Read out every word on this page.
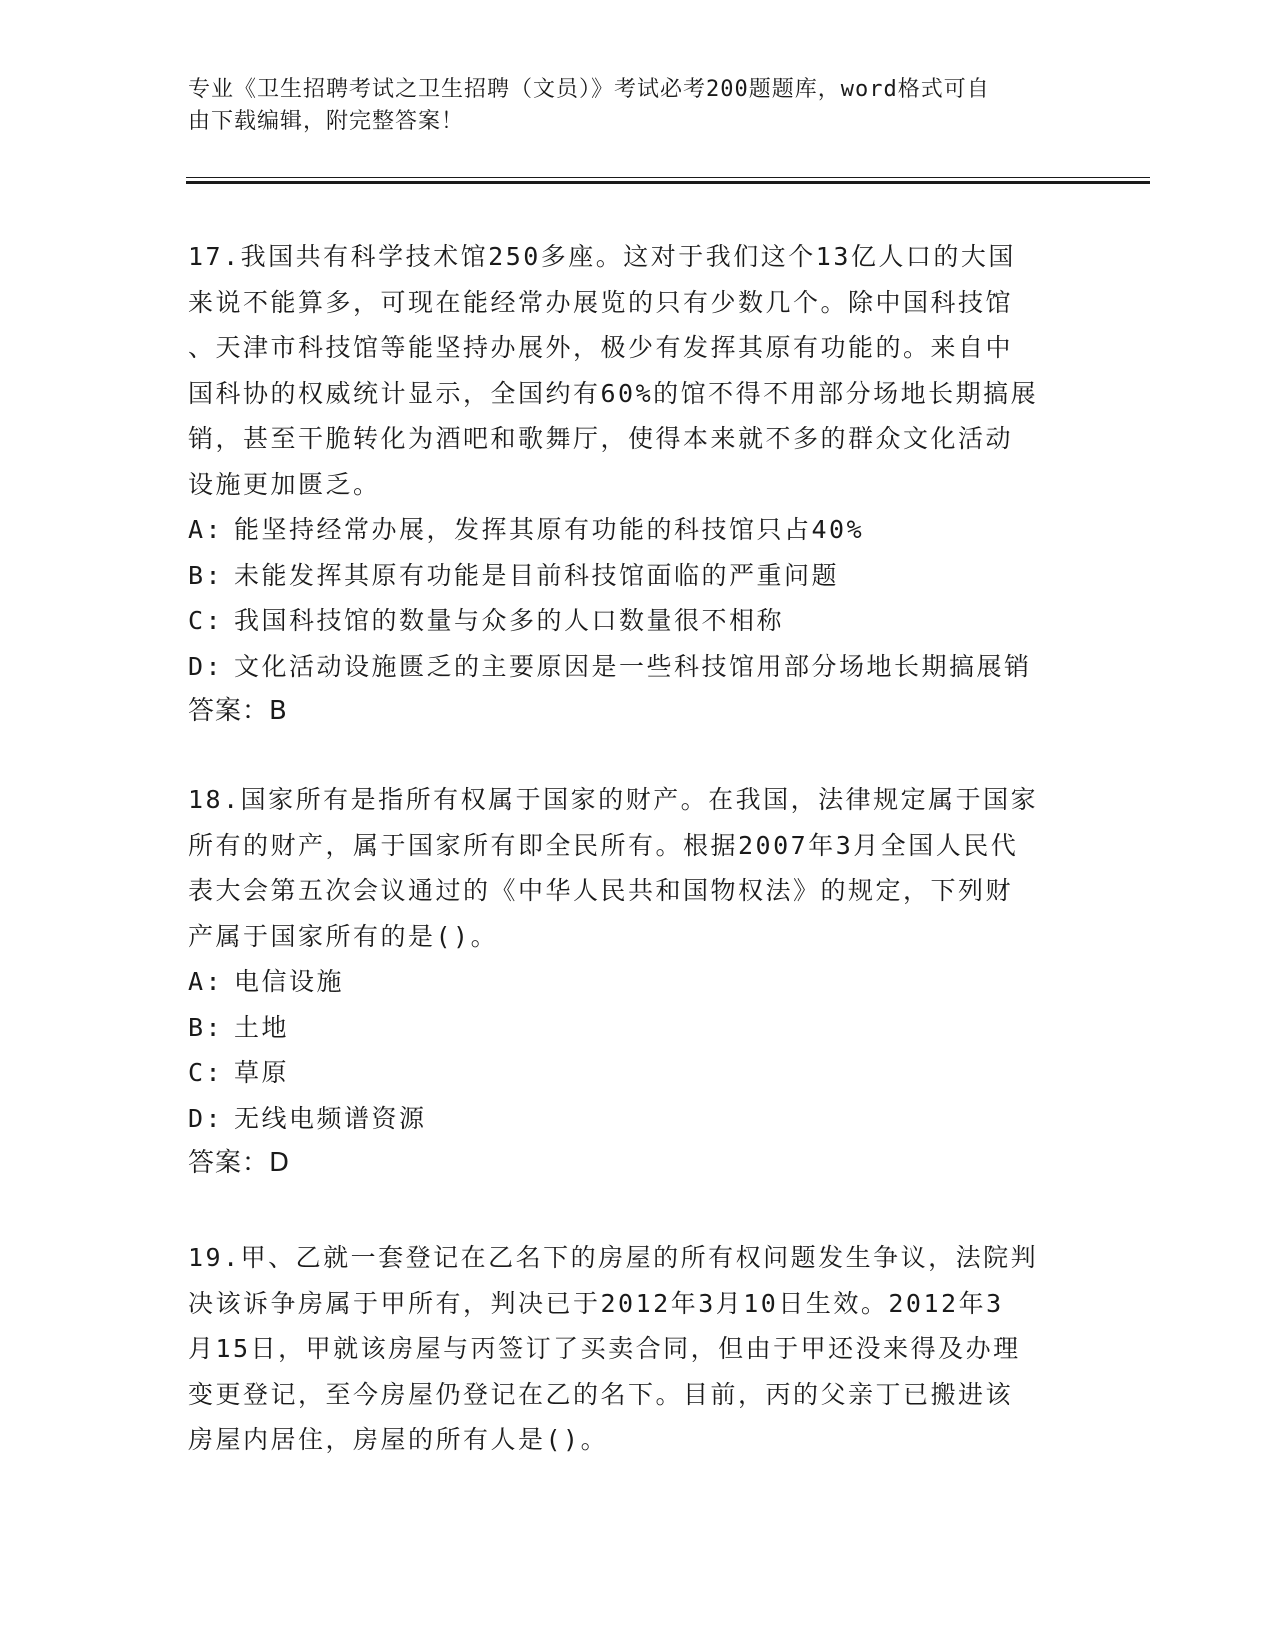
专业《卫生招聘考试之卫生招聘（文员）》考试必考200题题库，word格式可自
由下载编辑，附完整答案！
17.我国共有科学技术馆250多座。这对于我们这个13亿人口的大国
来说不能算多，可现在能经常办展览的只有少数几个。除中国科技馆
、天津市科技馆等能坚持办展外，极少有发挥其原有功能的。来自中
国科协的权威统计显示，全国约有60%的馆不得不用部分场地长期搞展
销，甚至干脆转化为酒吧和歌舞厅，使得本来就不多的群众文化活动
设施更加匮乏。
A: 能坚持经常办展，发挥其原有功能的科技馆只占40%
B: 未能发挥其原有功能是目前科技馆面临的严重问题
C: 我国科技馆的数量与众多的人口数量很不相称
D: 文化活动设施匮乏的主要原因是一些科技馆用部分场地长期搞展销
答案：B
18.国家所有是指所有权属于国家的财产。在我国，法律规定属于国家
所有的财产，属于国家所有即全民所有。根据2007年3月全国人民代
表大会第五次会议通过的《中华人民共和国物权法》的规定，下列财
产属于国家所有的是()。
A: 电信设施
B: 土地
C: 草原
D: 无线电频谱资源
答案：D
19.甲、乙就一套登记在乙名下的房屋的所有权问题发生争议，法院判
决该诉争房属于甲所有，判决已于2012年3月10日生效。2012年3
月15日，甲就该房屋与丙签订了买卖合同，但由于甲还没来得及办理
变更登记，至今房屋仍登记在乙的名下。目前，丙的父亲丁已搬进该
房屋内居住，房屋的所有人是()。
